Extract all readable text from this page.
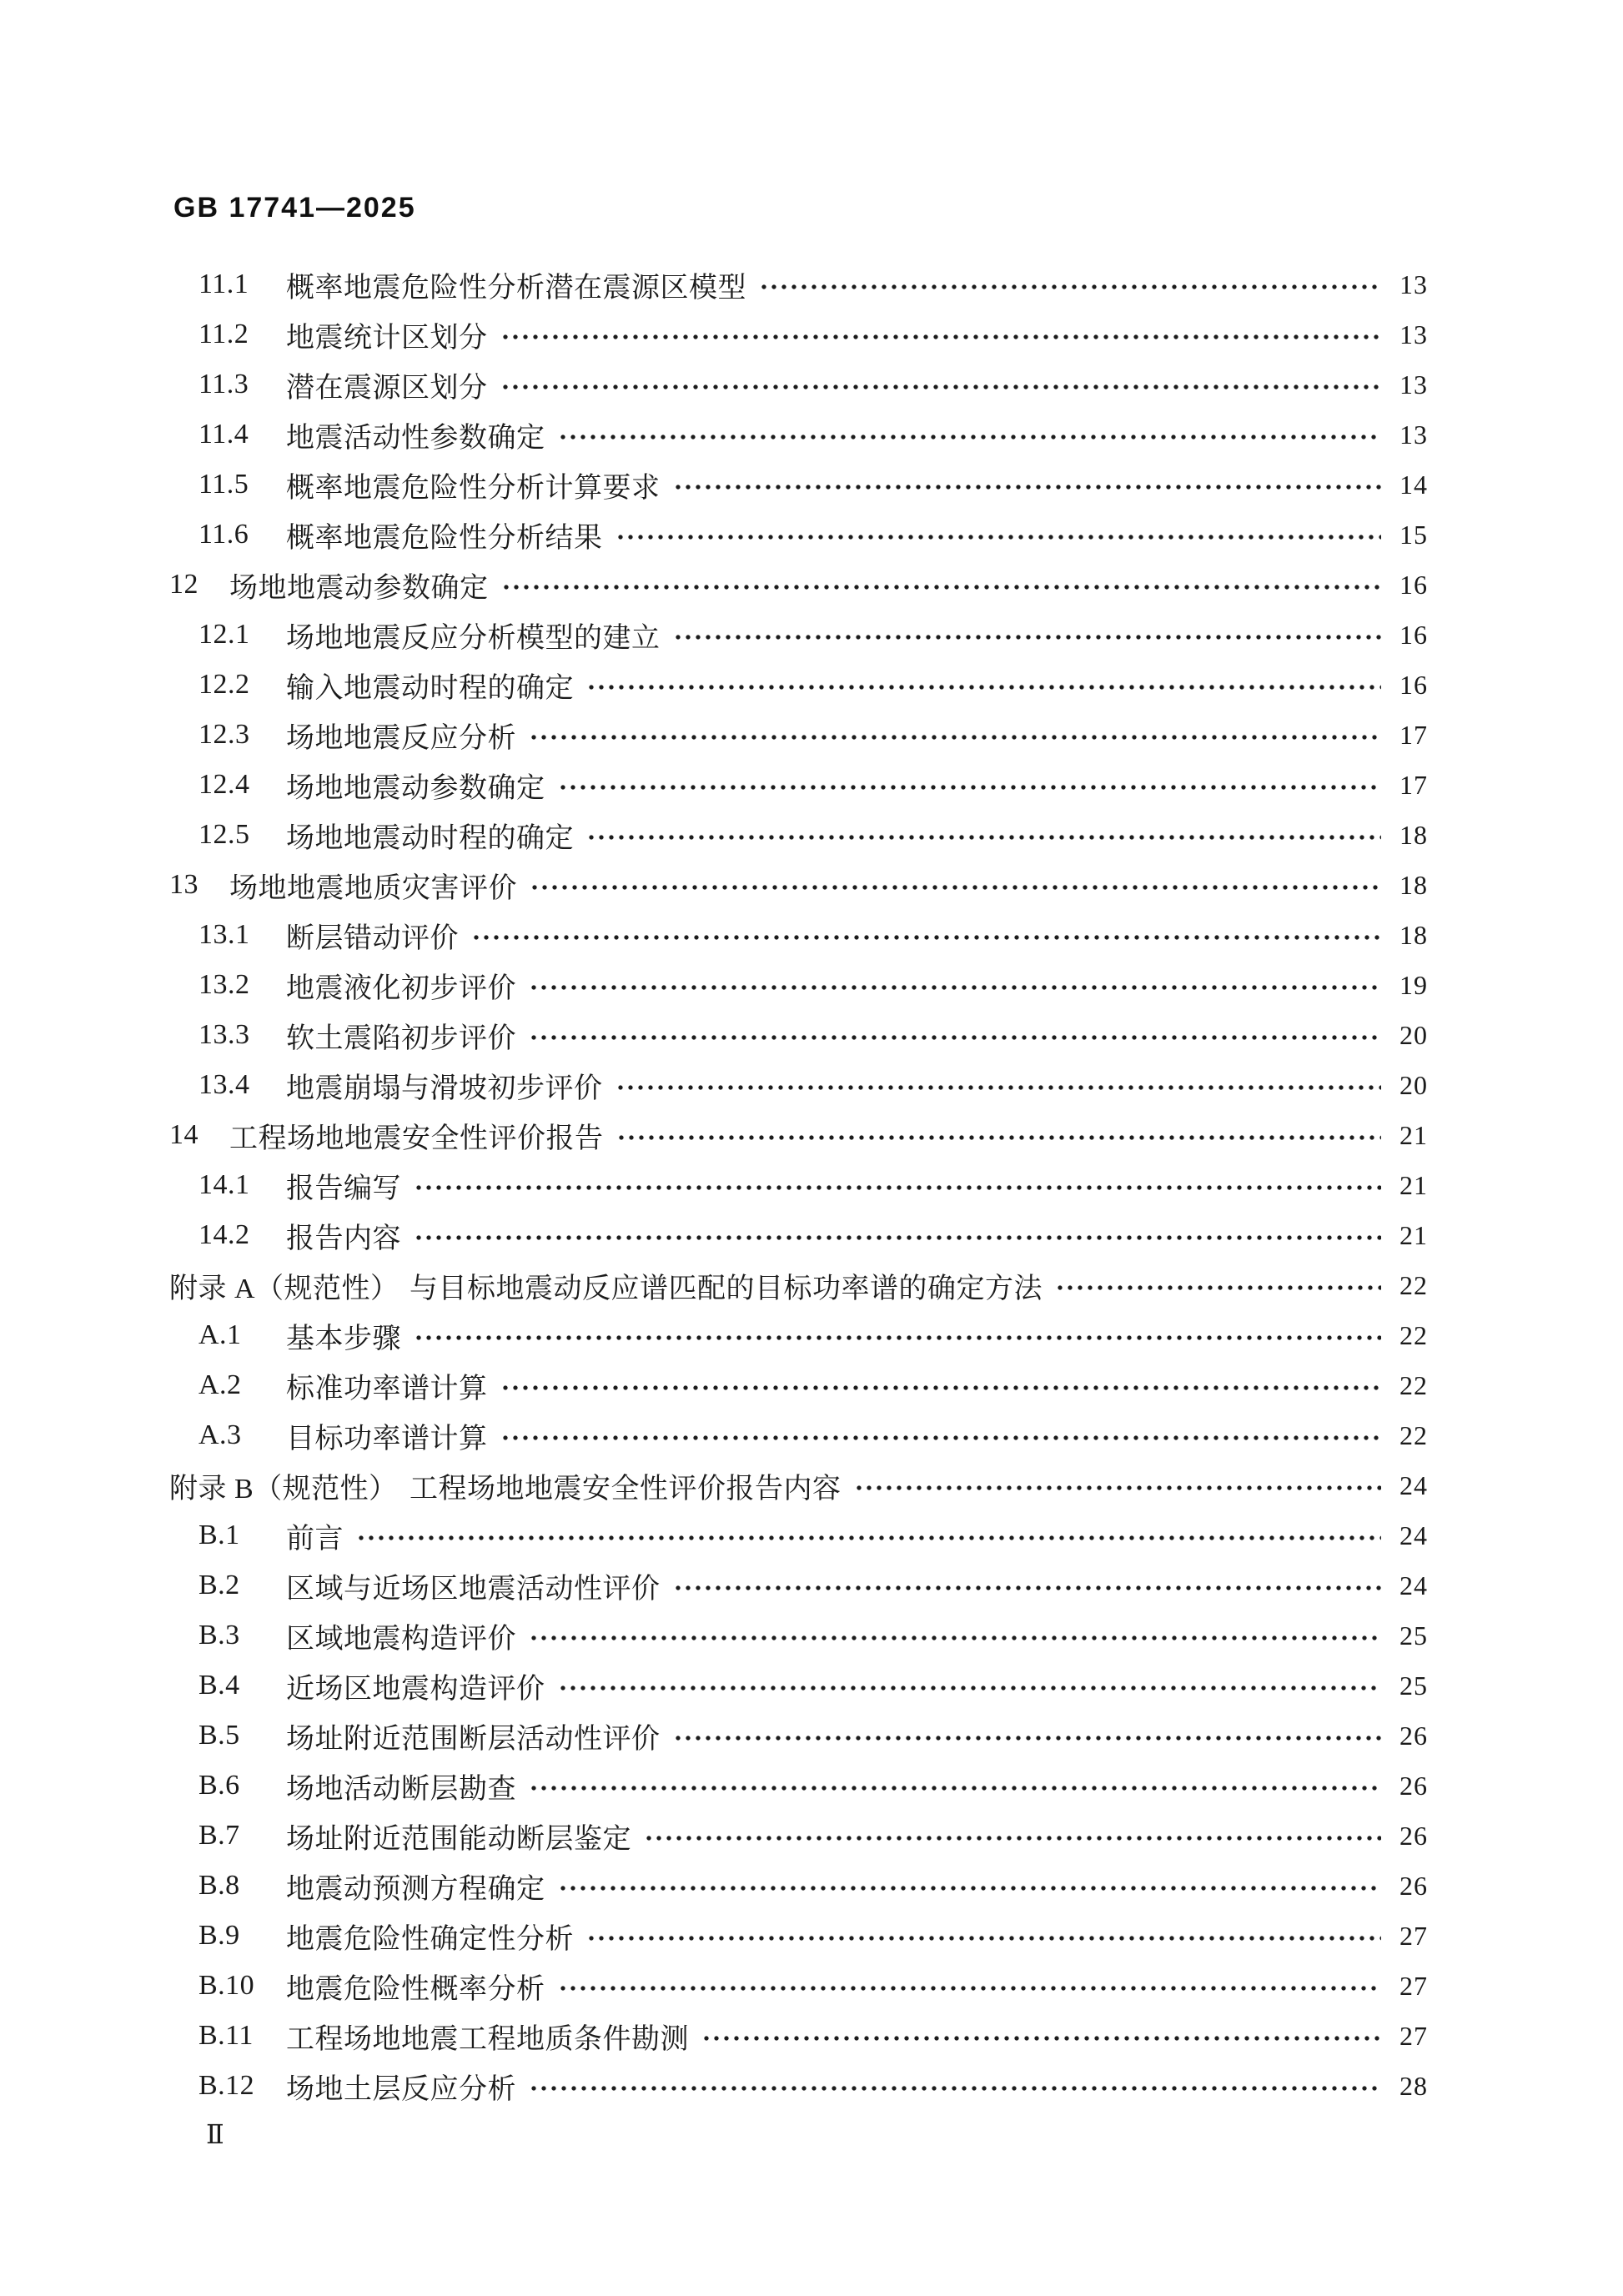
GB 17741—2025
11.1	概率地震危险性分析潜在震源区模型	13
11.2	地震统计区划分	13
11.3	潜在震源区划分	13
11.4	地震活动性参数确定	13
11.5	概率地震危险性分析计算要求	14
11.6	概率地震危险性分析结果	15
12	场地地震动参数确定	16
12.1	场地地震反应分析模型的建立	16
12.2	输入地震动时程的确定	16
12.3	场地地震反应分析	17
12.4	场地地震动参数确定	17
12.5	场地地震动时程的确定	18
13	场地地震地质灾害评价	18
13.1	断层错动评价	18
13.2	地震液化初步评价	19
13.3	软土震陷初步评价	20
13.4	地震崩塌与滑坡初步评价	20
14	工程场地地震安全性评价报告	21
14.1	报告编写	21
14.2	报告内容	21
附录 A（规范性） 与目标地震动反应谱匹配的目标功率谱的确定方法	22
A.1	基本步骤	22
A.2	标准功率谱计算	22
A.3	目标功率谱计算	22
附录 B（规范性） 工程场地地震安全性评价报告内容	24
B.1	前言	24
B.2	区域与近场区地震活动性评价	24
B.3	区域地震构造评价	25
B.4	近场区地震构造评价	25
B.5	场址附近范围断层活动性评价	26
B.6	场地活动断层勘查	26
B.7	场址附近范围能动断层鉴定	26
B.8	地震动预测方程确定	26
B.9	地震危险性确定性分析	27
B.10	地震危险性概率分析	27
B.11	工程场地地震工程地质条件勘测	27
B.12	场地土层反应分析	28
Ⅱ
